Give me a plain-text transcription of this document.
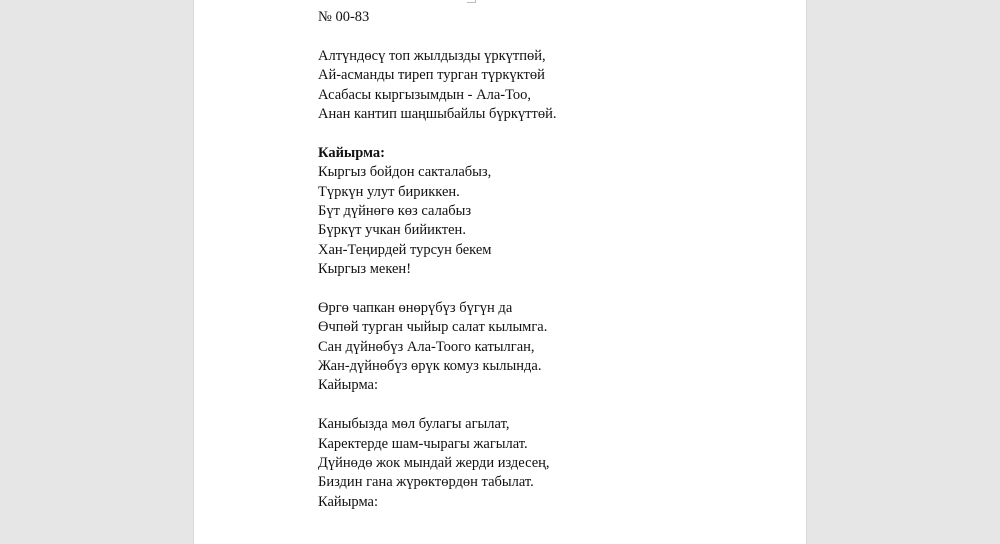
№ 00-83
Алтүндөсү топ жылдызды үркүтпөй,
Ай-асманды тиреп турган түркүктөй
Асабасы кыргызымдын - Ала-Тоо,
Анан кантип шаңшыбайлы бүркүттөй.
Кайырма:
Кыргыз бойдон сакталабыз,
Түркүн улут бириккен.
Бүт дүйнөгө көз салабыз
Бүркүт учкан бийиктен.
Хан-Теңирдей турсун бекем
Кыргыз мекен!
Өргө чапкан өнөрүбүз бүгүн да
Өчпөй турган чыйыр салат кылымга.
Сан дүйнөбүз Ала-Тоого катылган,
Жан-дүйнөбүз өрүк комуз кылында.
Кайырма:
Каныбызда мөл булагы агылат,
Каректерде шам-чырагы жагылат.
Дүйнөдө жок мындай жерди издесең,
Биздин гана жүрөктөрдөн табылат.
Кайырма:
